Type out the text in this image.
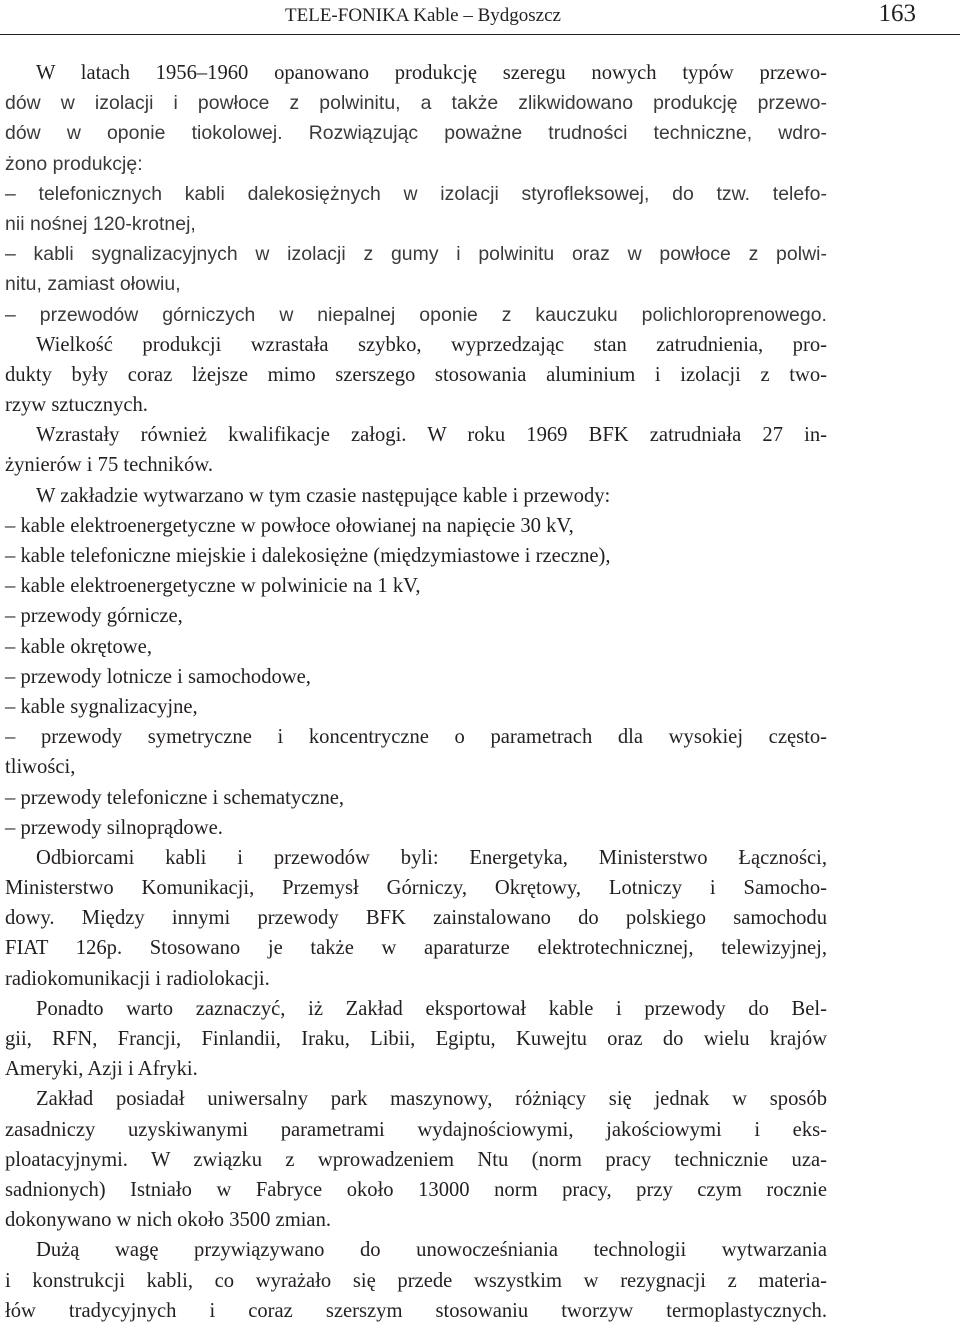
TELE-FONIKA Kable – Bydgoszcz	163
W latach 1956–1960 opanowano produkcję szeregu nowych typów przewo-
dów w izolacji i powłoce z polwinitu, a także zlikwidowano produkcję przewo-
dów w oponie tiokolowej. Rozwiązując poważne trudności techniczne, wdro-
żono produkcję:
– telefonicznych kabli dalekosiężnych w izolacji styrofleksowej, do tzw. telefo-
nii nośnej 120-krotnej,
– kabli sygnalizacyjnych w izolacji z gumy i polwinitu oraz w powłoce z polwi-
nitu, zamiast ołowiu,
– przewodów górniczych w niepalnej oponie z kauczuku polichloroprenowego.
Wielkość produkcji wzrastała szybko, wyprzedzając stan zatrudnienia, pro-
dukty były coraz lżejsze mimo szerszego stosowania aluminium i izolacji z two-
rzyw sztucznych.
Wzrastały również kwalifikacje załogi. W roku 1969 BFK zatrudniała 27 in-
żynierów i 75 techników.
W zakładzie wytwarzano w tym czasie następujące kable i przewody:
– kable elektroenergetyczne w powłoce ołowianej na napięcie 30 kV,
– kable telefoniczne miejskie i dalekosiężne (międzymiastowe i rzeczne),
– kable elektroenergetyczne w polwinicie na 1 kV,
– przewody górnicze,
– kable okrętowe,
– przewody lotnicze i samochodowe,
– kable sygnalizacyjne,
– przewody symetryczne i koncentryczne o parametrach dla wysokiej często-
tliwości,
– przewody telefoniczne i schematyczne,
– przewody silnoprądowe.
Odbiorcami kabli i przewodów byli: Energetyka, Ministerstwo Łączności,
Ministerstwo Komunikacji, Przemysł Górniczy, Okrętowy, Lotniczy i Samocho-
dowy. Między innymi przewody BFK zainstalowano do polskiego samochodu
FIAT 126p. Stosowano je także w aparaturze elektrotechnicznej, telewizyjnej,
radiokomunikacji i radiolokacji.
Ponadto warto zaznaczyć, iż Zakład eksportował kable i przewody do Bel-
gii, RFN, Francji, Finlandii, Iraku, Libii, Egiptu, Kuwejtu oraz do wielu krajów
Ameryki, Azji i Afryki.
Zakład posiadał uniwersalny park maszynowy, różniący się jednak w sposób
zasadniczy uzyskiwanymi parametrami wydajnościowymi, jakościowymi i eks-
ploatacyjnymi. W związku z wprowadzeniem Ntu (norm pracy technicznie uza-
sadnionych) Istniało w Fabryce około 13000 norm pracy, przy czym rocznie
dokonywano w nich około 3500 zmian.
Dużą wagę przywiązywano do unowocześniania technologii wytwarzania
i konstrukcji kabli, co wyrażało się przede wszystkim w rezygnacji z materia-
łów tradycyjnych i coraz szerszym stosowaniu tworzyw termoplastycznych.
